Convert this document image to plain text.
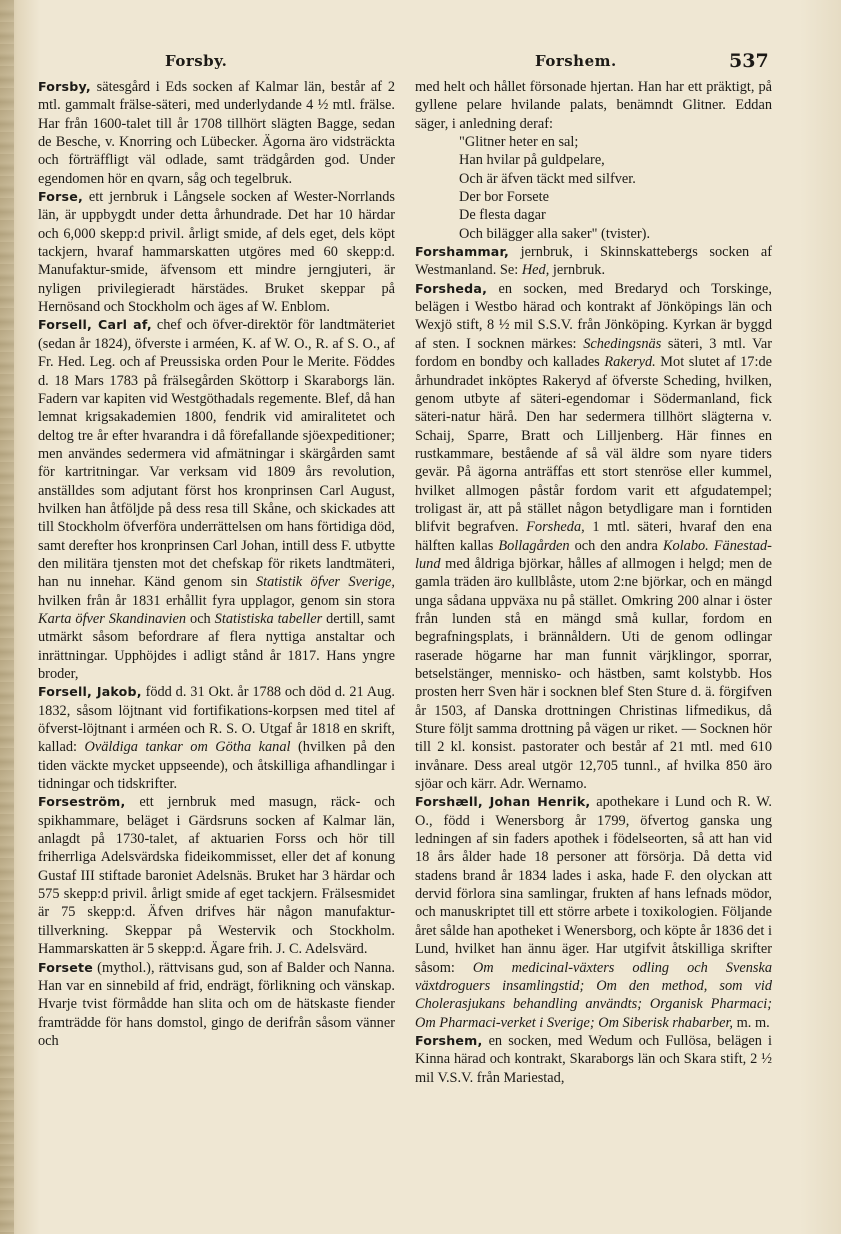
Forsby.	Forshem.	537

Forsby, sätesgård i Eds socken af Kalmar län, består af 2 mtl. gammalt frälse-säteri, med underlydande 4 ½ mtl. frälse. Har från 1600-talet till år 1708 tillhört slägten Bagge, sedan de Besche, v. Knorring och Lübecker. Ägorna äro vidsträckta och förträffligt väl odlade, samt trädgården god. Under egendomen hör en qvarn, såg och tegelbruk.

Forse, ett jernbruk i Långsele socken af Wester-Norrlands län, är uppbygdt under detta århundrade. Det har 10 härdar och 6,000 skepp:d privil. årligt smide, af dels eget, dels köpt tackjern, hvaraf hammarskatten utgöres med 60 skepp:d. Manufaktur-smide, äfvensom ett mindre jerngjuteri, är nyligen privilegieradt härstädes. Bruket skeppar på Hernösand och Stockholm och äges af W. Enblom.

Forsell, Carl af, chef och öfver-direktör för landtmäteriet (sedan år 1824), öfverste i arméen, K. af W. O., R. af S. O., af Fr. Hed. Leg. och af Preussiska orden Pour le Merite. Föddes d. 18 Mars 1783 på frälsegården Sköttorp i Skaraborgs län. Fadern var kapiten vid Westgöthadals regemente. Blef, då han lemnat krigsakademien 1800, fendrik vid amiralitetet och deltog tre år efter hvarandra i då förefallande sjöexpeditioner; men användes sedermera vid afmätningar i skärgården samt för kartritningar. Var verksam vid 1809 års revolution, anställdes som adjutant först hos kronprinsen Carl August, hvilken han åtföljde på dess resa till Skåne, och skickades att till Stockholm öfverföra underrättelsen om hans förtidiga död, samt derefter hos kronprinsen Carl Johan, intill dess F. utbytte den militära tjensten mot det chefskap för rikets landtmäteri, han nu innehar. Känd genom sin Statistik öfver Sverige, hvilken från år 1831 erhållit fyra upplagor, genom sin stora Karta öfver Skandinavien och Statistiska tabeller dertill, samt utmärkt såsom befordrare af flera nyttiga anstaltar och inrättningar. Upphöjdes i adligt stånd år 1817. Hans yngre broder,

Forsell, Jakob, född d. 31 Okt. år 1788 och död d. 21 Aug. 1832, såsom löjtnant vid fortifikations-korpsen med titel af öfverst-löjtnant i arméen och R. S. O. Utgaf år 1818 en skrift, kallad: Oväldiga tankar om Götha kanal (hvilken på den tiden väckte mycket uppseende), och åtskilliga afhandlingar i tidningar och tidskrifter.

Forseström, ett jernbruk med masugn, räck- och spikhammare, beläget i Gärdsruns socken af Kalmar län, anlagdt på 1730-talet, af aktuarien Forss och hör till friherrliga Adelsvärdska fideikommisset, eller det af konung Gustaf III stiftade baroniet Adelsnäs. Bruket har 3 härdar och 575 skepp:d privil. årligt smide af eget tackjern. Frälsesmidet är 75 skepp:d. Äfven drifves här någon manufaktur-tillverkning. Skeppar på Westervik och Stockholm. Hammarskatten är 5 skepp:d. Ägare frih. J. C. Adelsvärd.

Forsete (mythol.), rättvisans gud, son af Balder och Nanna. Han var en sinnebild af frid, endrägt, förlikning och vänskap. Hvarje tvist förmådde han slita och om de hätskaste fiender framträdde för hans domstol, gingo de derifrån såsom vänner och

med helt och hållet försonade hjertan. Han har ett präktigt, på gyllene pelare hvilande palats, benämndt Glitner. Eddan säger, i anledning deraf:

"Glitner heter en sal;
Han hvilar på guldpelare,
Och är äfven täckt med silfver.
Der bor Forsete
De flesta dagar
Och bilägger alla saker" (tvister).

Forshammar, jernbruk, i Skinnskattebergs socken af Westmanland. Se: Hed, jernbruk.

Forsheda, en socken, med Bredaryd och Torskinge, belägen i Westbo härad och kontrakt af Jönköpings län och Wexjö stift, 8 ½ mil S.S.V. från Jönköping. Kyrkan är byggd af sten. I socknen märkes: Schedingsnäs säteri, 3 mtl. Var fordom en bondby och kallades Rakeryd. Mot slutet af 17:de århundradet inköptes Rakeryd af öfverste Scheding, hvilken, genom utbyte af säteri-egendomar i Södermanland, fick säteri-natur härå. Den har sedermera tillhört slägterna v. Schaij, Sparre, Bratt och Lilljenberg. Här finnes en rustkammare, bestående af så väl äldre som nyare tiders gevär. På ägorna anträffas ett stort stenröse eller kummel, hvilket allmogen påstår fordom varit ett afgudatempel; troligast är, att på stället någon betydligare man i forntiden blifvit begrafven. Forsheda, 1 mtl. säteri, hvaraf den ena hälften kallas Bollagården och den andra Kolabo. Fänestad-lund med åldriga björkar, hålles af allmogen i helgd; men de gamla träden äro kullblåste, utom 2:ne björkar, och en mängd unga sådana uppväxa nu på stället. Omkring 200 alnar i öster från lunden stå en mängd små kullar, fordom en begrafningsplats, i brännåldern. Uti de genom odlingar raserade högarne har man funnit värjklingor, sporrar, betselstänger, mennisko- och hästben, samt kolstybb. Hos prosten herr Sven här i socknen blef Sten Sture d. ä. förgifven år 1503, af Danska drottningen Christinas lifmedikus, då Sture följt samma drottning på vägen ur riket. — Socknen hör till 2 kl. konsist. pastorater och består af 21 mtl. med 610 invånare. Dess areal utgör 12,705 tunnl., af hvilka 850 äro sjöar och kärr. Adr. Wernamo.

Forshæll, Johan Henrik, apothekare i Lund och R. W. O., född i Wenersborg år 1799, öfvertog ganska ung ledningen af sin faders apothek i födelseorten, så att han vid 18 års ålder hade 18 personer att försörja. Då detta vid stadens brand år 1834 lades i aska, hade F. den olyckan att dervid förlora sina samlingar, frukten af hans lefnads mödor, och manuskriptet till ett större arbete i toxikologien. Följande året sålde han apotheket i Wenersborg, och köpte år 1836 det i Lund, hvilket han ännu äger. Har utgifvit åtskilliga skrifter såsom: Om medicinal-växters odling och Svenska växtdroguers insamlingstid; Om den method, som vid Cholerasjukans behandling användts; Organisk Pharmaci; Om Pharmaci-verket i Sverige; Om Siberisk rhabarber, m. m.

Forshem, en socken, med Wedum och Fullösa, belägen i Kinna härad och kontrakt, Skaraborgs län och Skara stift, 2 ½ mil V.S.V. från Mariestad,
